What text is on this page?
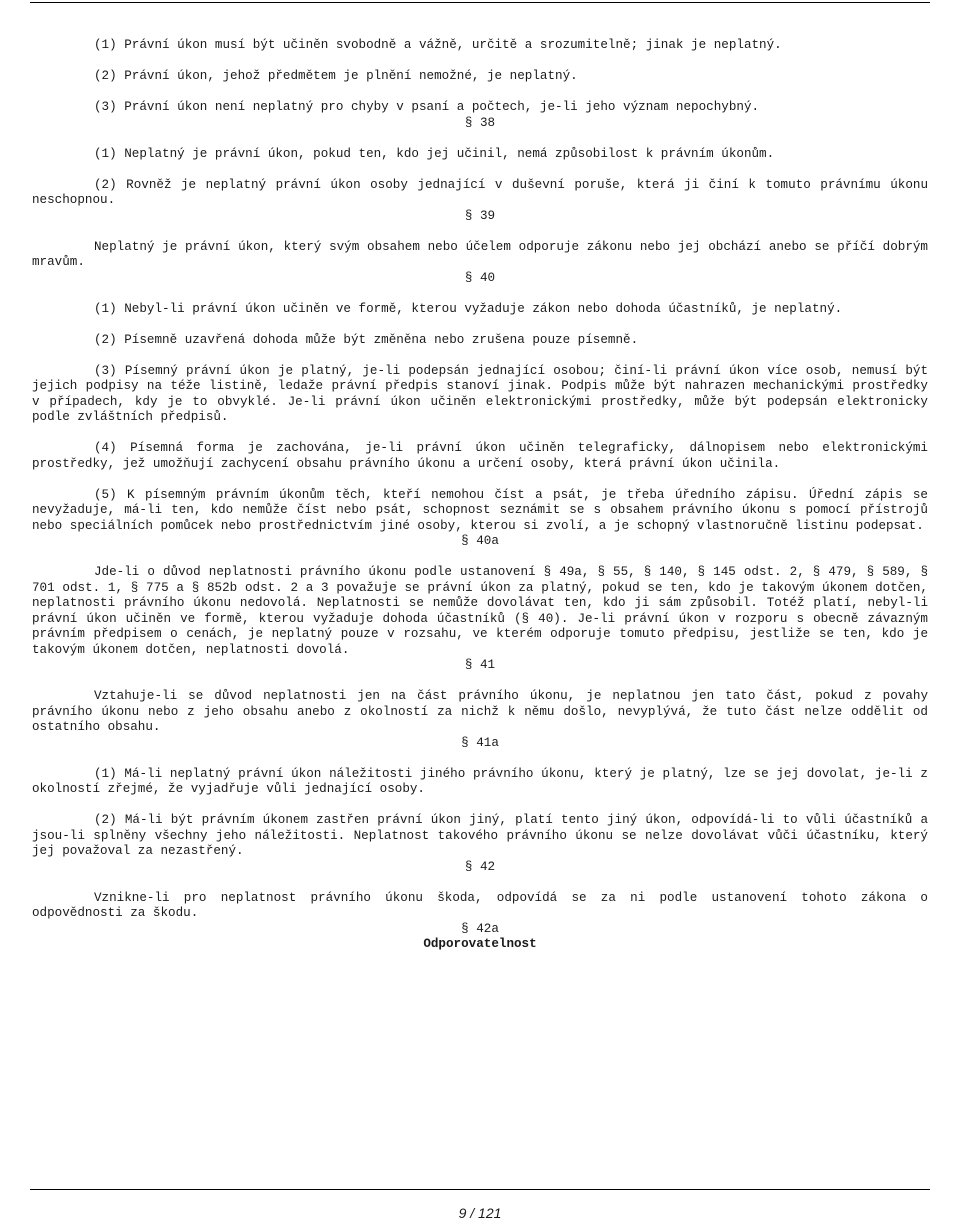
(1) Právní úkon musí být učiněn svobodně a vážně, určitě a srozumitelně; jinak je neplatný.

(2) Právní úkon, jehož předmětem je plnění nemožné, je neplatný.

(3) Právní úkon není neplatný pro chyby v psaní a počtech, je-li jeho význam nepochybný.

§ 38

(1) Neplatný je právní úkon, pokud ten, kdo jej učinil, nemá způsobilost k právním úkonům.

(2) Rovněž je neplatný právní úkon osoby jednající v duševní poruše, která ji činí k tomuto právnímu úkonu neschopnou.

§ 39

Neplatný je právní úkon, který svým obsahem nebo účelem odporuje zákonu nebo jej obchází anebo se příčí dobrým mravům.

§ 40

(1) Nebyl-li právní úkon učiněn ve formě, kterou vyžaduje zákon nebo dohoda účastníků, je neplatný.

(2) Písemně uzavřená dohoda může být změněna nebo zrušena pouze písemně.

(3) Písemný právní úkon je platný, je-li podepsán jednající osobou; činí-li právní úkon více osob, nemusí být jejich podpisy na téže listině, ledaže právní předpis stanoví jinak. Podpis může být nahrazen mechanickými prostředky v případech, kdy je to obvyklé. Je-li právní úkon učiněn elektronickými prostředky, může být podepsán elektronicky podle zvláštních předpisů.

(4) Písemná forma je zachována, je-li právní úkon učiněn telegraficky, dálnopisem nebo elektronickými prostředky, jež umožňují zachycení obsahu právního úkonu a určení osoby, která právní úkon učinila.

(5) K písemným právním úkonům těch, kteří nemohou číst a psát, je třeba úředního zápisu. Úřední zápis se nevyžaduje, má-li ten, kdo nemůže číst nebo psát, schopnost seznámit se s obsahem právního úkonu s pomocí přístrojů nebo speciálních pomůcek nebo prostřednictvím jiné osoby, kterou si zvolí, a je schopný vlastnoručně listinu podepsat.

§ 40a

Jde-li o důvod neplatnosti právního úkonu podle ustanovení § 49a, § 55, § 140, § 145 odst. 2, § 479, § 589, § 701 odst. 1, § 775 a § 852b odst. 2 a 3 považuje se právní úkon za platný, pokud se ten, kdo je takovým úkonem dotčen, neplatnosti právního úkonu nedovolá. Neplatnosti se nemůže dovolávat ten, kdo ji sám způsobil. Totéž platí, nebyl-li právní úkon učiněn ve formě, kterou vyžaduje dohoda účastníků (§ 40). Je-li právní úkon v rozporu s obecně závazným právním předpisem o cenách, je neplatný pouze v rozsahu, ve kterém odporuje tomuto předpisu, jestliže se ten, kdo je takovým úkonem dotčen, neplatnosti dovolá.

§ 41

Vztahuje-li se důvod neplatnosti jen na část právního úkonu, je neplatnou jen tato část, pokud z povahy právního úkonu nebo z jeho obsahu anebo z okolností za nichž k němu došlo, nevyplývá, že tuto část nelze oddělit od ostatního obsahu.

§ 41a

(1) Má-li neplatný právní úkon náležitosti jiného právního úkonu, který je platný, lze se jej dovolat, je-li z okolností zřejmé, že vyjadřuje vůli jednající osoby.

(2) Má-li být právním úkonem zastřen právní úkon jiný, platí tento jiný úkon, odpovídá-li to vůli účastníků a jsou-li splněny všechny jeho náležitosti. Neplatnost takového právního úkonu se nelze dovolávat vůči účastníku, který jej považoval za nezastřený.

§ 42

Vznikne-li pro neplatnost právního úkonu škoda, odpovídá se za ni podle ustanovení tohoto zákona o odpovědnosti za škodu.

§ 42a

Odporovatelnost

9 / 121
